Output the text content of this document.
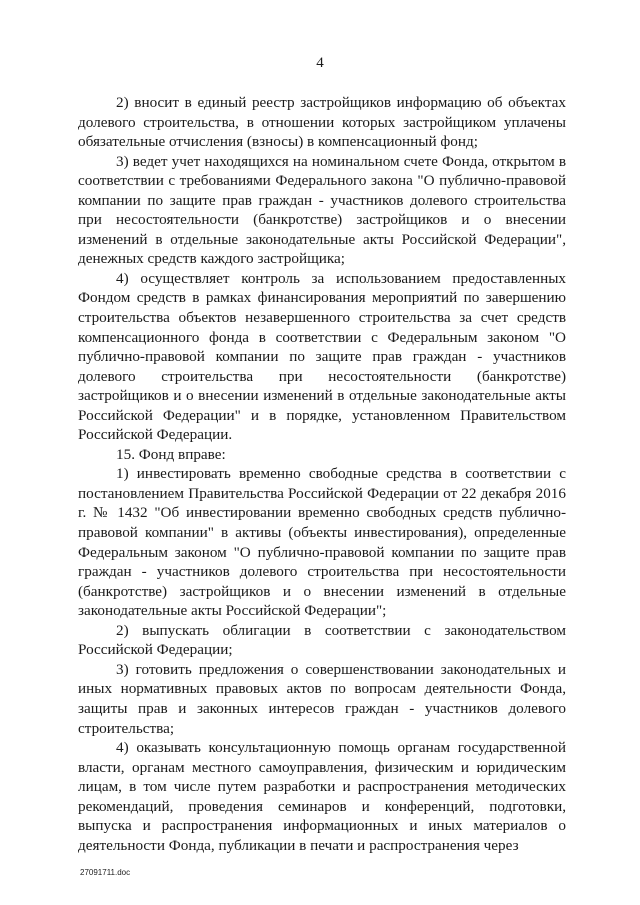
4

2) вносит в единый реестр застройщиков информацию об объектах долевого строительства, в отношении которых застройщиком уплачены обязательные отчисления (взносы) в компенсационный фонд;

3) ведет учет находящихся на номинальном счете Фонда, открытом в соответствии с требованиями Федерального закона "О публично-правовой компании по защите прав граждан - участников долевого строительства при несостоятельности (банкротстве) застройщиков и о внесении изменений в отдельные законодательные акты Российской Федерации", денежных средств каждого застройщика;

4) осуществляет контроль за использованием предоставленных Фондом средств в рамках финансирования мероприятий по завершению строительства объектов незавершенного строительства за счет средств компенсационного фонда в соответствии с Федеральным законом "О публично-правовой компании по защите прав граждан - участников долевого строительства при несостоятельности (банкротстве) застройщиков и о внесении изменений в отдельные законодательные акты Российской Федерации" и в порядке, установленном Правительством Российской Федерации.

15. Фонд вправе:

1) инвестировать временно свободные средства в соответствии с постановлением Правительства Российской Федерации от 22 декабря 2016 г. № 1432 "Об инвестировании временно свободных средств публично-правовой компании" в активы (объекты инвестирования), определенные Федеральным законом "О публично-правовой компании по защите прав граждан - участников долевого строительства при несостоятельности (банкротстве) застройщиков и о внесении изменений в отдельные законодательные акты Российской Федерации";

2) выпускать облигации в соответствии с законодательством Российской Федерации;

3) готовить предложения о совершенствовании законодательных и иных нормативных правовых актов по вопросам деятельности Фонда, защиты прав и законных интересов граждан - участников долевого строительства;

4) оказывать консультационную помощь органам государственной власти, органам местного самоуправления, физическим и юридическим лицам, в том числе путем разработки и распространения методических рекомендаций, проведения семинаров и конференций, подготовки, выпуска и распространения информационных и иных материалов о деятельности Фонда, публикации в печати и распространения через

27091711.doc
